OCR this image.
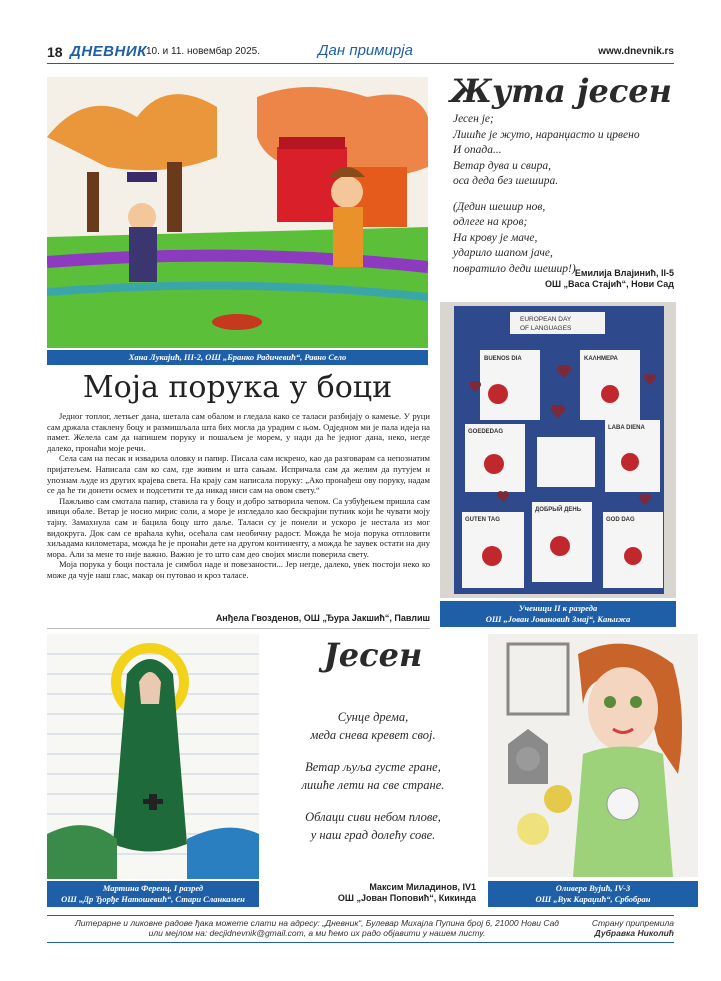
18 ДНЕВНИК 10. и 11. новембар 2025.	Дан примирја	www.dnevnik.rs
Хана Лукајић, III-2, ОШ „Бранко Радичевић“, Равно Село
Жута јесен
Јесен је;
Лишће је жуто, наранџасто и црвено
И опада...
Ветар дува и свира,
оса деда без шешира.
(Дедин шешир нов,
одлеге на кров;
На крову је маче,
ударило шапом јаче,
повратило деди шешир!) Емилија Влајинић, II-5
ОШ „Васа Стајић“, Нови Сад
EUROPEAN DAY
OF LANGUAGES
BUENOS DIA	ΚΑΛΗΜΕΡΑ
GOEDEDAG
LABA DIENA
GUTEN TAG
ДОБРЫЙ ДЕНЬ
GOD DAG
Ученици II к разреда
ОШ „Јован Јовановић Змај“, Кањижа
Моја порука у боци

Једног топлог, летњег дана, шетала сам обалом и гледала како се таласи разбијају о камење. У руци сам држала стаклену боцу и размишљала шта бих могла да урадим с њом. Одједном ми је пала идеја на памет. Желела сам да напишем поруку и пошаљем је морем, у нади да ће једног дана, неко, негде далеко, пронаћи моје речи.

Села сам на песак и извадила оловку и папир. Писала сам искрено, као да разговарам са непознатим пријатељем. Написала сам ко сам, где живим и шта сањам. Испричала сам да желим да путујем и упознам људе из других крајева света. На крају сам написала поруку: „Ако пронађеш ову поруку, надам се да ће ти донети осмех и подсетити те да никад ниси сам на овом свету.“

Пажљиво сам смотала папир, ставила га у боцу и добро затворила чепом. Са узбуђењем пришла сам ивици обале. Ветар је носио мирис соли, а море је изгледало као бескрајни путник који ће чувати моју тајну. Замахнула сам и бацила боцу што даље. Таласи су је понели и ускоро је нестала из мог видокруга. Док сам се враћала кући, осећала сам необичну радост. Можда ће моја порука отпловити хиљадама километара, можда ће је пронаћи дете на другом континенту, а можда ће заувек остати на дну мора. Али за мене то није важно. Важно је то што сам део својих мисли поверила свету.

Моја порука у боци постала је симбол наде и повезаности... Јер негде, далеко, увек постоји неко ко може да чује наш глас, макар он путовао и кроз таласе.

Анђела Гвозденов, ОШ „Ђура Јакшић“, Павлиш
Мартина Ференц, I разред
ОШ „Др Ђорђе Натошевић“, Стари Сланкамен
Јесен
Сунце дрема,
меда снева кревет свој.
Ветар љуља густе гране,
лишће лети на све стране.
Облаци сиви небом плове,
у наш град долећу сове.
Максим Миладинов, IV1
ОШ „Јован Поповић“, Кикинда
Оливера Вујић, IV-3
ОШ „Вук Караџић“, Србобран
Литерарне и ликовне радове ђака можете слати на адресу: „Дневник“, Булевар Михајла Пупина број 6, 21000 Нови Сад
или мејлом на: decjidnevnik@gmail.com, а ми ћемо их радо објавити у нашем листу.
Страну припремила
Дубравка Николић
